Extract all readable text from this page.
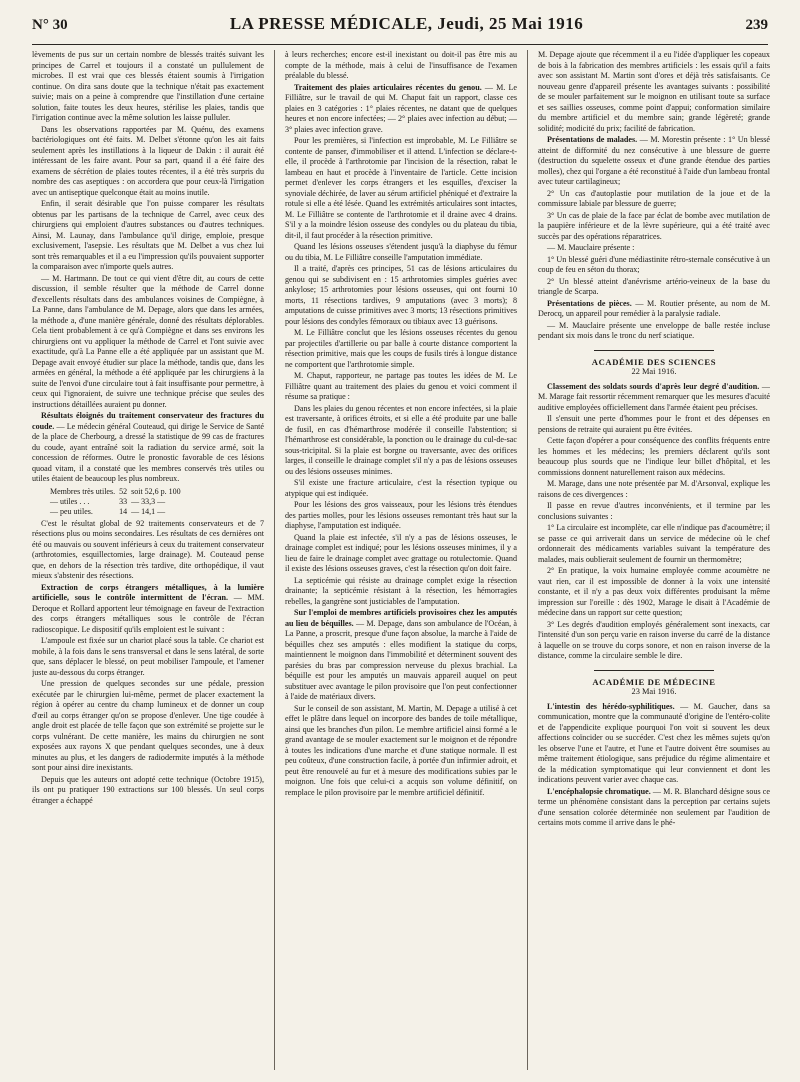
N° 30	LA PRESSE MÉDICALE, Jeudi, 25 Mai 1916	239

lèvements de pus sur un certain nombre de blessés traités suivant les principes de Carrel et toujours il a constaté un pullulement de microbes. Il est vrai que ces blessés étaient soumis à l'irrigation continue. On dira sans doute que la technique n'était pas exactement suivie; mais on a peine à comprendre que l'instillation d'une certaine solution, faite toutes les deux heures, stérilise les plaies, tandis que l'irrigation continue avec la même solution les laisse pulluler.

Dans les observations rapportées par M. Quénu, des examens bactériologiques ont été faits. M. Delbet s'étonne qu'on les ait faits seulement après les instillations à la liqueur de Dakin : il aurait été intéressant de les faire avant. Pour sa part, quand il a été faire des examens de sécrétion de plaies toutes récentes, il a été très surpris du nombre des cas aseptiques : on accordera que pour ceux-là l'irrigation avec un antiseptique quelconque était au moins inutile.

Enfin, il serait désirable que l'on puisse comparer les résultats obtenus par les partisans de la technique de Carrel, avec ceux des chirurgiens qui emploient d'autres substances ou d'autres techniques. Ainsi, M. Launay, dans l'ambulance qu'il dirige, emploie, presque exclusivement, l'asepsie. Les résultats que M. Delbet a vus chez lui sont très remarquables et il a eu l'impression qu'ils pouvaient supporter la comparaison avec n'importe quels autres.

— M. Hartmann. De tout ce qui vient d'être dit, au cours de cette discussion, il semble résulter que la méthode de Carrel donne d'excellents résultats dans des ambulances voisines de Compiègne, à La Panne, dans l'ambulance de M. Depage, alors que dans les armées, la méthode a, d'une manière générale, donné des résultats déplorables. Cela tient probablement à ce qu'à Compiègne et dans ses environs les chirurgiens ont vu appliquer la méthode de Carrel et l'ont suivie avec exactitude, qu'à La Panne elle a été appliquée par un assistant que M. Depage avait envoyé étudier sur place la méthode, tandis que, dans les armées en général, la méthode a été appliquée par les chirurgiens à la suite de l'envoi d'une circulaire tout à fait insuffisante pour permettre, à ceux qui l'ignoraient, de suivre une technique précise que seules des instructions détaillées auraient pu donner.

Résultats éloignés du traitement conservateur des fractures du coude. — Le médecin général Couteaud, qui dirige le Service de Santé de la place de Cherbourg, a dressé la statistique de 99 cas de fractures du coude, ayant entraîné soit la radiation du service armé, soit la concession de réformes. Outre le pronostic favorable de ces lésions quoad vitam, il a constaté que les membres conservés très utiles ou utiles étaient de beaucoup les plus nombreux.

Membres très utiles.	52	soit 52,6 p. 100
— utiles . . .	33	— 33,3 —
— peu utiles.	14	— 14,1 —

C'est le résultat global de 92 traitements conservateurs et de 7 résections plus ou moins secondaires. Les résultats de ces dernières ont été ou mauvais ou souvent inférieurs à ceux du traitement conservateur (arthrotomies, esquillectomies, large drainage). M. Couteaud pense que, en dehors de la résection très tardive, dite orthopédique, il vaut mieux s'abstenir des résections.

Extraction de corps étrangers métalliques, à la lumière artificielle, sous le contrôle intermittent de l'écran. — MM. Deroque et Rollard apportent leur témoignage en faveur de l'extraction des corps étrangers métalliques sous le contrôle de l'écran radioscopique. Le dispositif qu'ils emploient est le suivant :

L'ampoule est fixée sur un chariot placé sous la table. Ce chariot est mobile, à la fois dans le sens transversal et dans le sens latéral, de sorte que, sans déplacer le blessé, on peut mobiliser l'ampoule, et l'amener juste au-dessous du corps étranger.

Une pression de quelques secondes sur une pédale, pression exécutée par le chirurgien lui-même, permet de placer exactement la région à opérer au centre du champ lumineux et de donner un coup d'œil au corps étranger qu'on se propose d'enlever. Une tige coudée à angle droit est placée de telle façon que son extrémité se projette sur le corps vulnérant. De cette manière, les mains du chirurgien ne sont exposées aux rayons X que pendant quelques secondes, une à deux minutes au plus, et les dangers de radiodermite imputés à la méthode sont pour ainsi dire inexistants.

Depuis que les auteurs ont adopté cette technique (Octobre 1915), ils ont pu pratiquer 190 extractions sur 100 blessés. Un seul corps étranger a échappé

à leurs recherches; encore est-il inexistant ou doit-il pas être mis au compte de la méthode, mais à celui de l'insuffisance de l'examen préalable du blessé.

Traitement des plaies articulaires récentes du genou. — M. Le Filliâtre, sur le travail de qui M. Chaput fait un rapport, classe ces plaies en 3 catégories : 1° plaies récentes, ne datant que de quelques heures et non encore infectées; — 2° plaies avec infection au début; — 3° plaies avec infection grave.

Pour les premières, si l'infection est improbable, M. Le Filliâtre se contente de panser, d'immobiliser et il attend. L'infection se déclare-t-elle, il procède à l'arthrotomie par l'incision de la résection, rabat le lambeau en haut et procède à l'inventaire de l'article. Cette incision permet d'enlever les corps étrangers et les esquilles, d'exciser la synoviale déchirée, de laver au sérum artificiel phéniqué et d'extraire la rotule si elle a été lésée. Quand les extrémités articulaires sont intactes, M. Le Filliâtre se contente de l'arthrotomie et il draine avec 4 drains. S'il y a la moindre lésion osseuse des condyles ou du plateau du tibia, dit-il, il faut procéder à la résection primitive.

Quand les lésions osseuses s'étendent jusqu'à la diaphyse du fémur ou du tibia, M. Le Filliâtre conseille l'amputation immédiate.

Il a traité, d'après ces principes, 51 cas de lésions articulaires du genou qui se subdivisent en : 15 arthrotomies simples guéries avec ankylose; 15 arthrotomies pour lésions osseuses, qui ont fourni 10 morts, 11 résections tardives, 9 amputations (avec 3 morts); 8 amputations de cuisse primitives avec 3 morts; 13 résections primitives pour lésions des condyles fémoraux ou tibiaux avec 13 guérisons.

M. Le Filliâtre conclut que les lésions osseuses récentes du genou par projectiles d'artillerie ou par balle à courte distance comportent la résection primitive, mais que les coups de fusils tirés à longue distance ne comportent que l'arthrotomie simple.

M. Chaput, rapporteur, ne partage pas toutes les idées de M. Le Filliâtre quant au traitement des plaies du genou et voici comment il résume sa pratique :

Dans les plaies du genou récentes et non encore infectées, si la plaie est traversante, à orifices étroits, et si elle a été produite par une balle de fusil, en cas d'hémarthrose modérée il conseille l'abstention; si l'hémarthrose est considérable, la ponction ou le drainage du cul-de-sac sous-tricipital. Si la plaie est borgne ou traversante, avec des orifices larges, il conseille le drainage complet s'il n'y a pas de lésions osseuses ou des lésions osseuses minimes.

S'il existe une fracture articulaire, c'est la résection typique ou atypique qui est indiquée.

Pour les lésions des gros vaisseaux, pour les lésions très étendues des parties molles, pour les lésions osseuses remontant très haut sur la diaphyse, l'amputation est indiquée.

Quand la plaie est infectée, s'il n'y a pas de lésions osseuses, le drainage complet est indiqué; pour les lésions osseuses minimes, il y a lieu de faire le drainage complet avec grattage ou rotulectomie. Quand il existe des lésions osseuses graves, c'est la résection qu'on doit faire.

La septicémie qui résiste au drainage complet exige la résection drainante; la septicémie résistant à la résection, les hémorragies rebelles, la gangrène sont justiciables de l'amputation.

Sur l'emploi de membres artificiels provisoires chez les amputés au lieu de béquilles. — M. Depage, dans son ambulance de l'Océan, à La Panne, a proscrit, presque d'une façon absolue, la marche à l'aide de béquilles chez ses amputés : elles modifient la statique du corps, maintiennent le moignon dans l'immobilité et déterminent souvent des parésies du bras par compression nerveuse du plexus brachial. La béquille est pour les amputés un mauvais appareil auquel on peut substituer avec avantage le pilon provisoire que l'on peut confectionner à l'aide de matériaux divers.

Sur le conseil de son assistant, M. Martin, M. Depage a utilisé à cet effet le plâtre dans lequel on incorpore des bandes de toile métallique, ainsi que les branches d'un pilon. Le membre artificiel ainsi formé a le grand avantage de se mouler exactement sur le moignon et de répondre à toutes les indications d'une marche et d'une statique normale. Il est peu coûteux, d'une construction facile, à portée d'un infirmier adroit, et peut être renouvelé au fur et à mesure des modifications subies par le moignon. Une fois que celui-ci a acquis son volume définitif, on remplace le pilon provisoire par le membre artificiel définitif.

M. Depage ajoute que récemment il a eu l'idée d'appliquer les copeaux de bois à la fabrication des membres artificiels : les essais qu'il a faits avec son assistant M. Martin sont d'ores et déjà très satisfaisants. Ce nouveau genre d'appareil présente les avantages suivants : possibilité de se mouler parfaitement sur le moignon en utilisant toute sa surface et ses saillies osseuses, comme point d'appui; conformation similaire du membre artificiel et du membre sain; grande légèreté; grande solidité; modicité du prix; facilité de fabrication.

Présentations de malades. — M. Morestin présente : 1° Un blessé atteint de difformité du nez consécutive à une blessure de guerre (destruction du squelette osseux et d'une grande étendue des parties molles), chez qui l'organe a été reconstitué à l'aide d'un lambeau frontal avec tuteur cartilagineux;

2° Un cas d'autoplastie pour mutilation de la joue et de la commissure labiale par blessure de guerre;

3° Un cas de plaie de la face par éclat de bombe avec mutilation de la paupière inférieure et de la lèvre supérieure, qui a été traité avec succès par des opérations réparatrices.

— M. Mauclaire présente :

1° Un blessé guéri d'une médiastinite rétro-sternale consécutive à un coup de feu en séton du thorax;

2° Un blessé atteint d'anévrisme artério-veineux de la base du triangle de Scarpa.

Présentations de pièces. — M. Routier présente, au nom de M. Derocq, un appareil pour remédier à la paralysie radiale.

— M. Mauclaire présente une enveloppe de balle restée incluse pendant six mois dans le tronc du nerf sciatique.

ACADÉMIE DES SCIENCES
22 Mai 1916.

Classement des soldats sourds d'après leur degré d'audition. — M. Marage fait ressortir récemment remarquer que les mesures d'acuité auditive employées officiellement dans l'armée étaient peu précises.

Il s'ensuit une perte d'hommes pour le front et des dépenses en pensions de retraite qui auraient pu être évitées.

Cette façon d'opérer a pour conséquence des conflits fréquents entre les hommes et les médecins; les premiers déclarent qu'ils sont beaucoup plus sourds que ne l'indique leur billet d'hôpital, et les commissions donnent naturellement raison aux médecins.

M. Marage, dans une note présentée par M. d'Arsonval, explique les raisons de ces divergences :

Il passe en revue d'autres inconvénients, et il termine par les conclusions suivantes :

1° La circulaire est incomplète, car elle n'indique pas d'acoumètre; il se passe ce qui arriverait dans un service de médecine où le chef ordonnerait des médicaments variables suivant la température des malades, mais oublierait seulement de fournir un thermomètre;

2° En pratique, la voix humaine employée comme acoumètre ne vaut rien, car il est impossible de donner à la voix une intensité constante, et il n'y a pas deux voix différentes produisant la même impression sur l'oreille : dès 1902, Marage le disait à l'Académie de médecine dans un rapport sur cette question;

3° Les degrés d'audition employés généralement sont inexacts, car l'intensité d'un son perçu varie en raison inverse du carré de la distance à laquelle on se trouve du corps sonore, et non en raison inverse de la distance, comme la circulaire semble le dire.

ACADÉMIE DE MÉDECINE
23 Mai 1916.

L'intestin des hérédo-syphilitiques. — M. Gaucher, dans sa communication, montre que la communauté d'origine de l'entéro-colite et de l'appendicite explique pourquoi l'on voit si souvent les deux affections coïncider ou se succéder. C'est chez les mêmes sujets qu'on les observe l'une et l'autre, et l'une et l'autre doivent être soumises au même traitement étiologique, sans préjudice du régime alimentaire et de la médication symptomatique qui leur conviennent et dont les indications peuvent varier avec chaque cas.

L'encéphalopsie chromatique. — M. R. Blanchard désigne sous ce terme un phénomène consistant dans la perception par certains sujets d'une sensation colorée déterminée non seulement par l'audition de certains mots comme il arrive dans le phé-
